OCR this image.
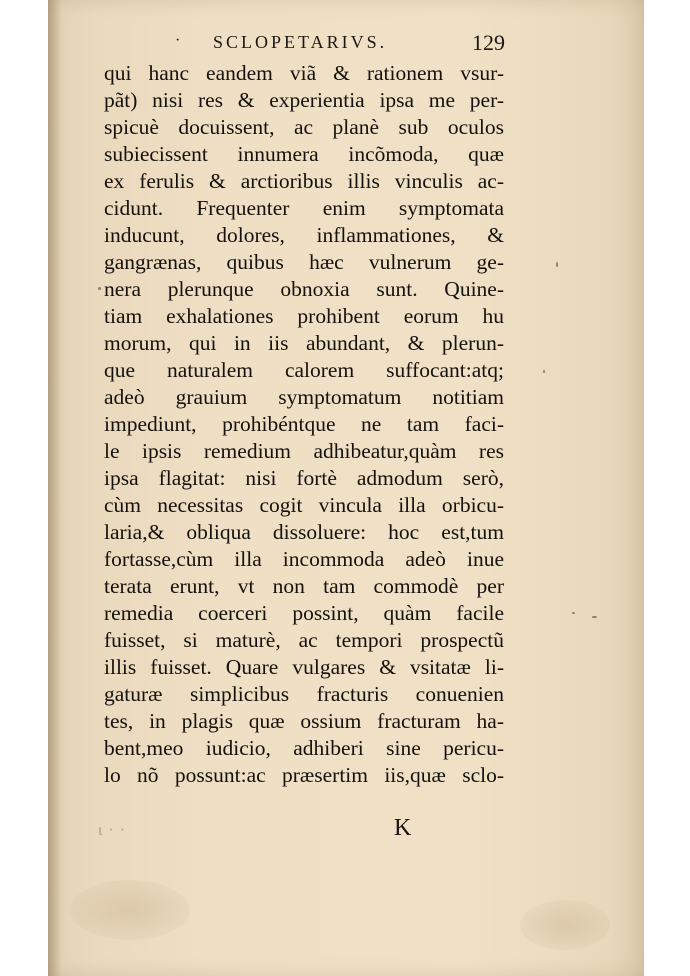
· SCLOPETARIVS.	129
qui hanc eandem viã & rationem vsur-
pãt) nisi res & experientia ipsa me per-
spicuè docuissent, ac planè sub oculos
subiecissent innumera incõmoda, quæ
ex ferulis & arctioribus illis vinculis ac-
cidunt. Frequenter enim symptomata
inducunt, dolores, inflammationes, &
gangrænas, quibus hæc vulnerum ge-
nera plerunque obnoxia sunt. Quine-
tiam exhalationes prohibent eorum hu
morum, qui in iis abundant, & plerun-
que naturalem calorem suffocant:atq;
adeò grauium symptomatum notitiam
impediunt, prohibéntque ne tam faci-
le ipsis remedium adhibeatur,quàm res
ipsa flagitat: nisi fortè admodum serò,
cùm necessitas cogit vincula illa orbicu-
laria,& obliqua dissoluere: hoc est,tum
fortasse,cùm illa incommoda adeò inue
terata erunt, vt non tam commodè per
remedia coerceri possint, quàm facile
fuisset, si maturè, ac tempori prospectũ
illis fuisset. Quare vulgares & vsitatæ li-
gaturæ simplicibus fracturis conuenien
tes, in plagis quæ ossium fracturam ha-
bent,meo iudicio, adhiberi sine pericu-
lo nõ possunt:ac præsertim iis,quæ sclo-
ɩ · ·	K
